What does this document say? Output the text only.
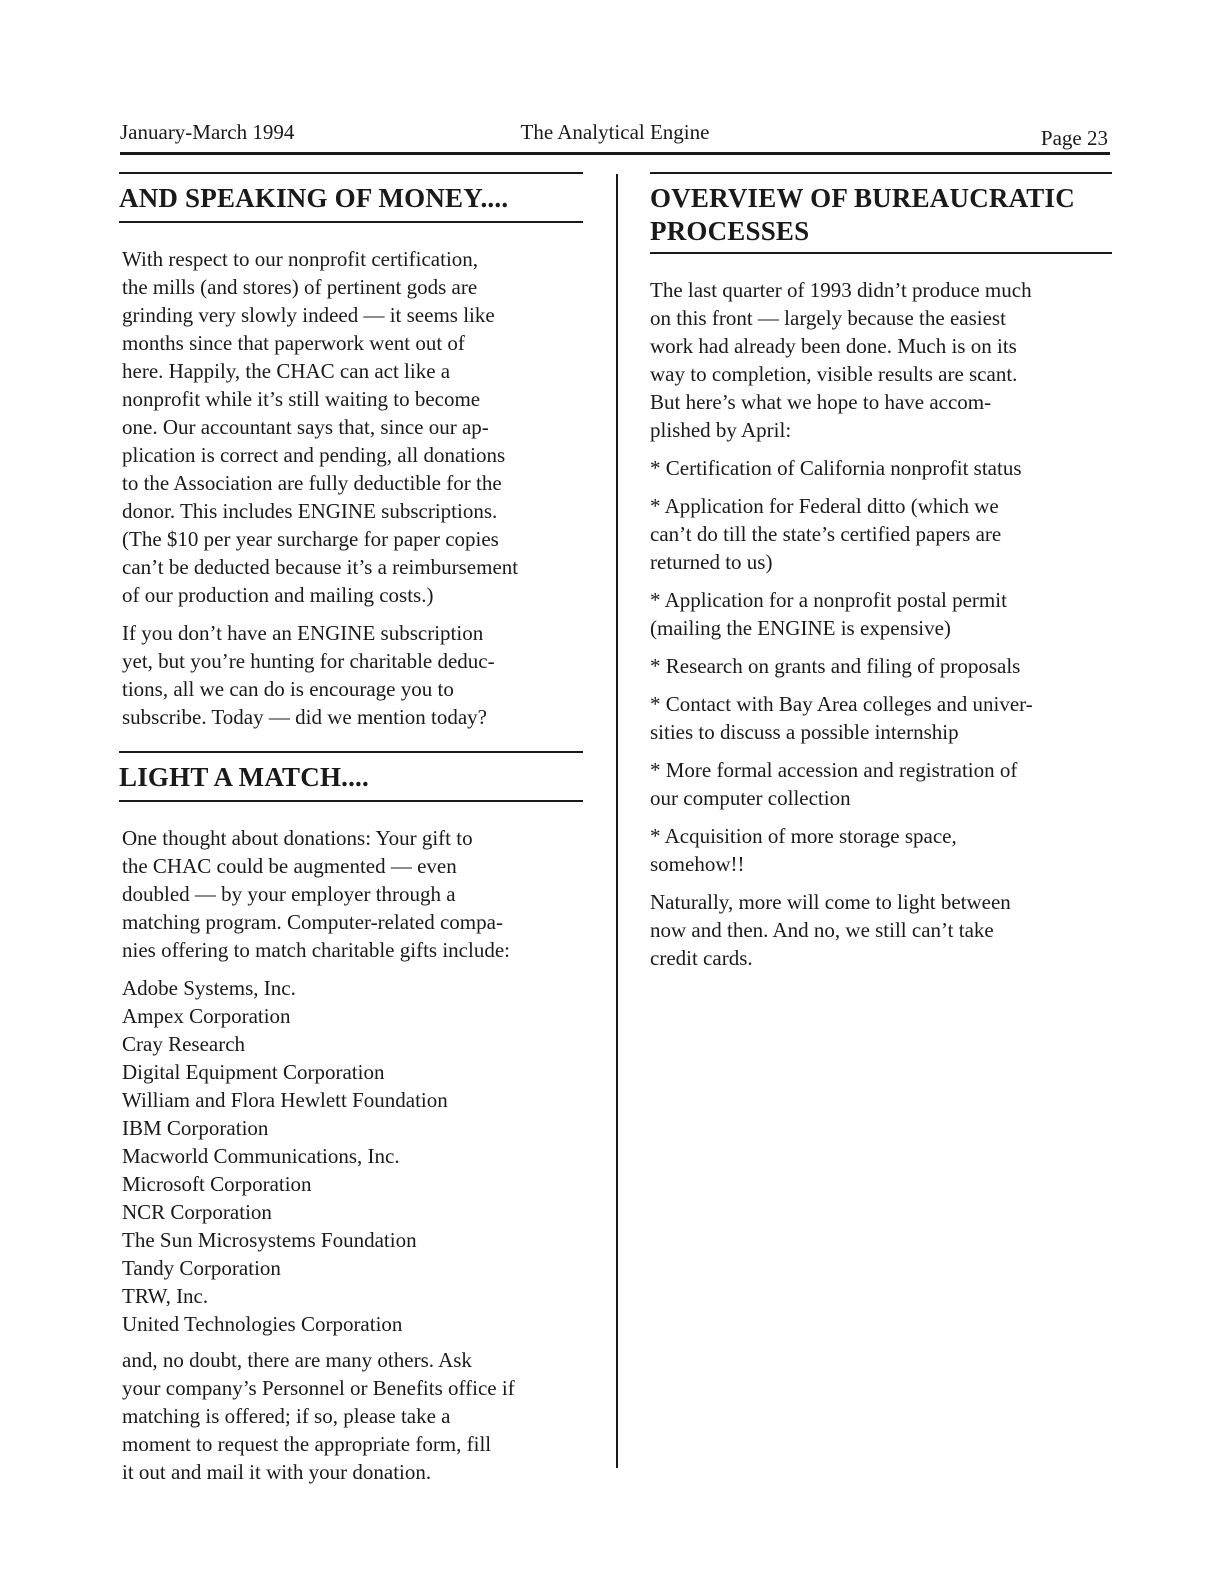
January-March 1994	The Analytical Engine	Page 23
AND SPEAKING OF MONEY....

With respect to our nonprofit certification,
the mills (and stores) of pertinent gods are
grinding very slowly indeed — it seems like
months since that paperwork went out of
here. Happily, the CHAC can act like a
nonprofit while it’s still waiting to become
one. Our accountant says that, since our ap-
plication is correct and pending, all donations
to the Association are fully deductible for the
donor. This includes ENGINE subscriptions.
(The $10 per year surcharge for paper copies
can’t be deducted because it’s a reimbursement
of our production and mailing costs.)

If you don’t have an ENGINE subscription
yet, but you’re hunting for charitable deduc-
tions, all we can do is encourage you to
subscribe. Today — did we mention today?

LIGHT A MATCH....

One thought about donations: Your gift to
the CHAC could be augmented — even
doubled — by your employer through a
matching program. Computer-related compa-
nies offering to match charitable gifts include:

Adobe Systems, Inc.
Ampex Corporation
Cray Research
Digital Equipment Corporation
William and Flora Hewlett Foundation
IBM Corporation
Macworld Communications, Inc.
Microsoft Corporation
NCR Corporation
The Sun Microsystems Foundation
Tandy Corporation
TRW, Inc.
United Technologies Corporation

and, no doubt, there are many others. Ask
your company’s Personnel or Benefits office if
matching is offered; if so, please take a
moment to request the appropriate form, fill
it out and mail it with your donation.

OVERVIEW OF BUREAUCRATIC PROCESSES

The last quarter of 1993 didn’t produce much
on this front — largely because the easiest
work had already been done. Much is on its
way to completion, visible results are scant.
But here’s what we hope to have accom-
plished by April:

* Certification of California nonprofit status
* Application for Federal ditto (which we
can’t do till the state’s certified papers are
returned to us)
* Application for a nonprofit postal permit
(mailing the ENGINE is expensive)
* Research on grants and filing of proposals
* Contact with Bay Area colleges and univer-
sities to discuss a possible internship
* More formal accession and registration of
our computer collection
* Acquisition of more storage space,
somehow!!

Naturally, more will come to light between
now and then. And no, we still can’t take
credit cards.
